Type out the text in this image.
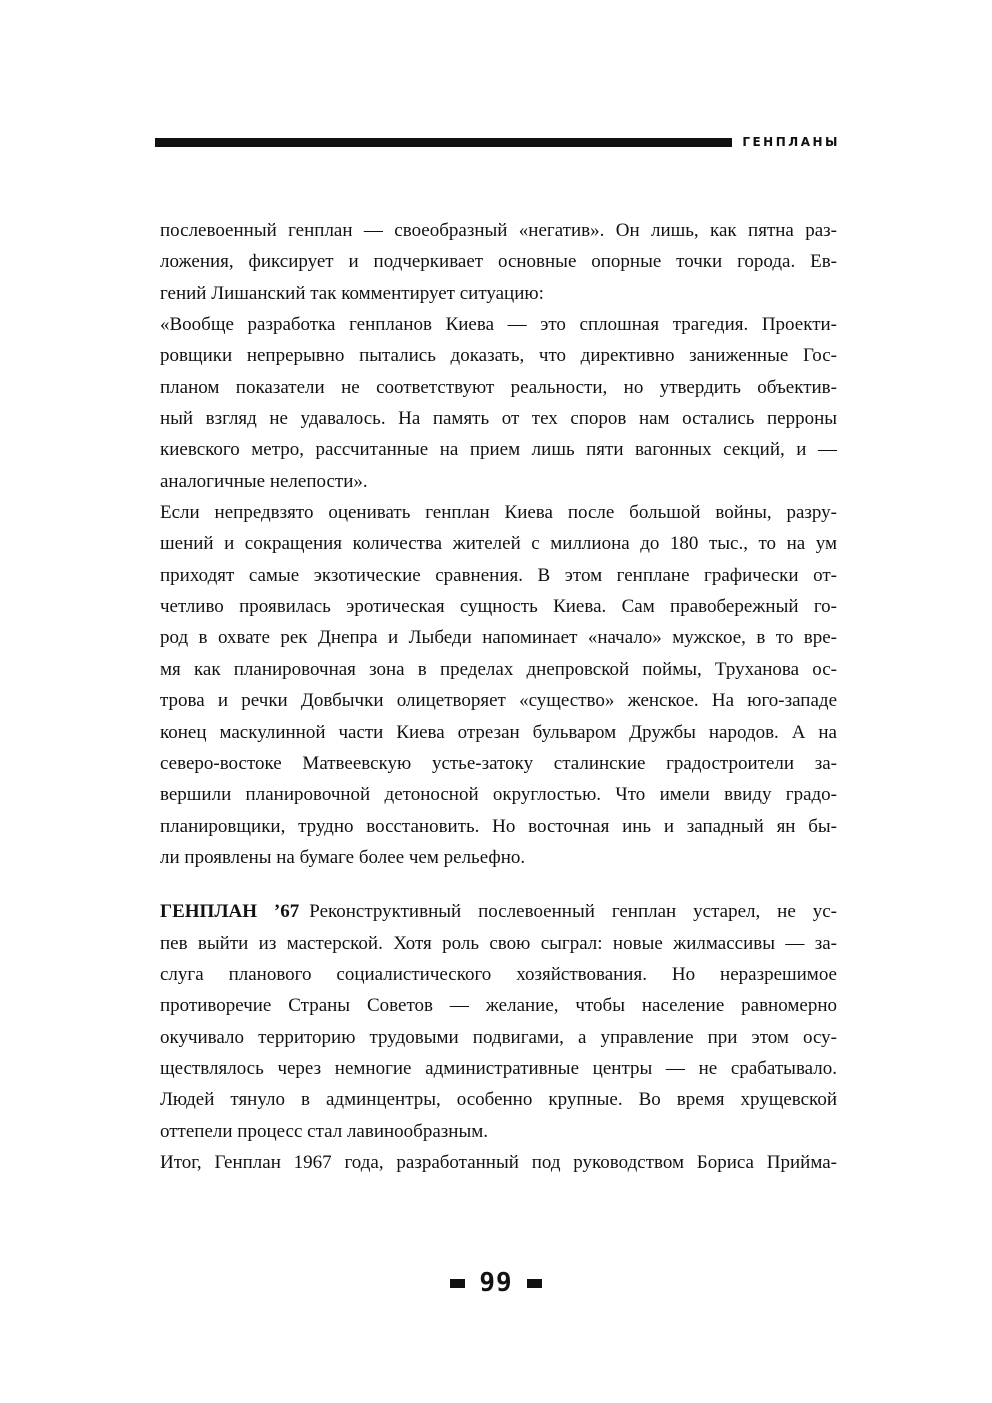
ГЕНПЛАНЫ
послевоенный генплан — своеобразный «негатив». Он лишь, как пятна раз-
ложения, фиксирует и подчеркивает основные опорные точки города. Ев-
гений Лишанский так комментирует ситуацию:
«Вообще разработка генпланов Киева — это сплошная трагедия. Проекти-
ровщики непрерывно пытались доказать, что директивно заниженные Гос-
планом показатели не соответствуют реальности, но утвердить объектив-
ный взгляд не удавалось. На память от тех споров нам остались перроны
киевского метро, рассчитанные на прием лишь пяти вагонных секций, и —
аналогичные нелепости».
Если непредвзято оценивать генплан Киева после большой войны, разру-
шений и сокращения количества жителей с миллиона до 180 тыс., то на ум
приходят самые экзотические сравнения. В этом генплане графически от-
четливо проявилась эротическая сущность Киева. Сам правобережный го-
род в охвате рек Днепра и Лыбеди напоминает «начало» мужское, в то вре-
мя как планировочная зона в пределах днепровской поймы, Труханова ос-
трова и речки Довбычки олицетворяет «существо» женское. На юго-западе
конец маскулинной части Киева отрезан бульваром Дружбы народов. А на
северо-востоке Матвеевскую устье-затоку сталинские градостроители за-
вершили планировочной детоносной округлостью. Что имели ввиду градо-
планировщики, трудно восстановить. Но восточная инь и западный ян бы-
ли проявлены на бумаге более чем рельефно.
ГЕНПЛАН ’67 Реконструктивный послевоенный генплан устарел, не ус-
пев выйти из мастерской. Хотя роль свою сыграл: новые жилмассивы — за-
слуга планового социалистического хозяйствования. Но неразрешимое
противоречие Страны Советов — желание, чтобы население равномерно
окучивало территорию трудовыми подвигами, а управление при этом осу-
ществлялось через немногие административные центры — не срабатывало.
Людей тянуло в админцентры, особенно крупные. Во время хрущевской
оттепели процесс стал лавинообразным.
Итог, Генплан 1967 года, разработанный под руководством Бориса Прийма-
99
